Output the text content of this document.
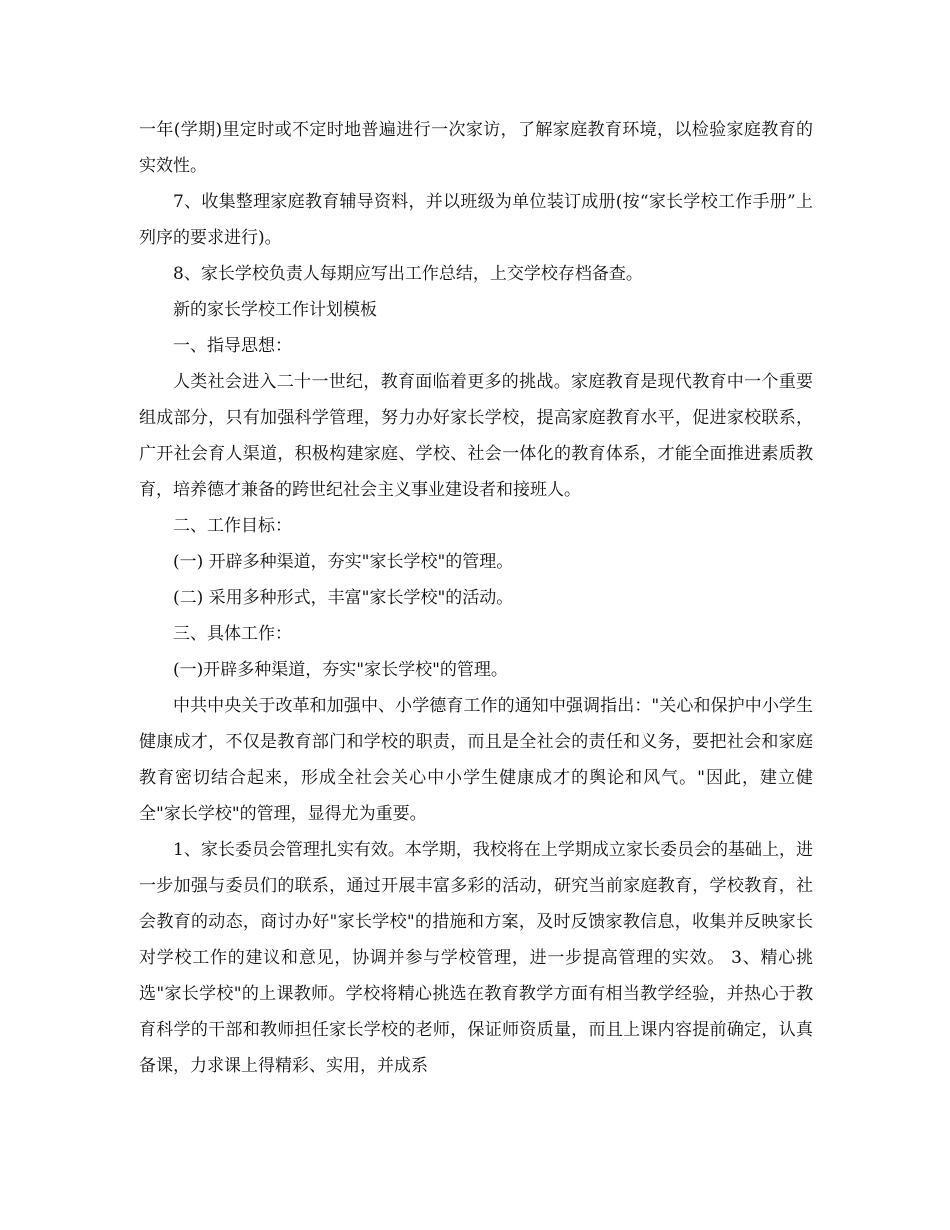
一年(学期)里定时或不定时地普遍进行一次家访，了解家庭教育环境，以检验家庭教育的实效性。

7、收集整理家庭教育辅导资料，并以班级为单位装订成册(按“家长学校工作手册”上列序的要求进行)。

8、家长学校负责人每期应写出工作总结，上交学校存档备查。

新的家长学校工作计划模板

一、指导思想：

人类社会进入二十一世纪，教育面临着更多的挑战。家庭教育是现代教育中一个重要组成部分，只有加强科学管理，努力办好家长学校，提高家庭教育水平，促进家校联系，广开社会育人渠道，积极构建家庭、学校、社会一体化的教育体系，才能全面推进素质教育，培养德才兼备的跨世纪社会主义事业建设者和接班人。

二、工作目标：

(一) 开辟多种渠道，夯实"家长学校"的管理。

(二) 采用多种形式，丰富"家长学校"的活动。

三、具体工作：

(一)开辟多种渠道，夯实"家长学校"的管理。

中共中央关于改革和加强中、小学德育工作的通知中强调指出："关心和保护中小学生健康成才，不仅是教育部门和学校的职责，而且是全社会的责任和义务，要把社会和家庭教育密切结合起来，形成全社会关心中小学生健康成才的舆论和风气。"因此，建立健全"家长学校"的管理，显得尤为重要。

1、家长委员会管理扎实有效。本学期，我校将在上学期成立家长委员会的基础上，进一步加强与委员们的联系，通过开展丰富多彩的活动，研究当前家庭教育，学校教育，社会教育的动态，商讨办好"家长学校"的措施和方案，及时反馈家教信息，收集并反映家长对学校工作的建议和意见，协调并参与学校管理，进一步提高管理的实效。 3、精心挑选"家长学校"的上课教师。学校将精心挑选在教育教学方面有相当教学经验，并热心于教育科学的干部和教师担任家长学校的老师，保证师资质量，而且上课内容提前确定，认真备课，力求课上得精彩、实用，并成系
